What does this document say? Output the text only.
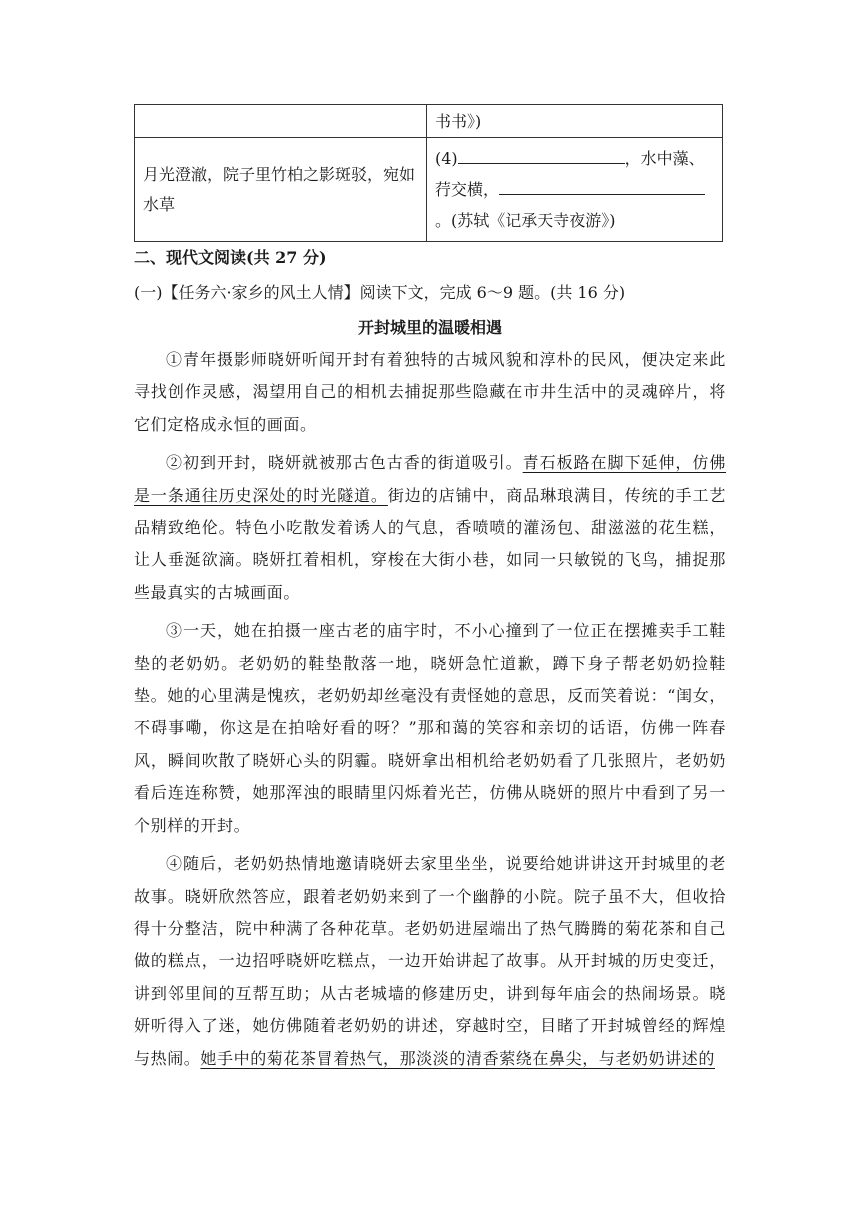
	书书》)
月光澄澈，院子里竹柏之影斑驳，宛如水草	(4) ，水中藻、荇交横，。(苏轼《记承天寺夜游》)
二、现代文阅读(共 27 分)
(一)【任务六·家乡的风土人情】阅读下文，完成 6～9 题。(共 16 分)
开封城里的温暖相遇

①青年摄影师晓妍听闻开封有着独特的古城风貌和淳朴的民风，便决定来此寻找创作灵感，渴望用自己的相机去捕捉那些隐藏在市井生活中的灵魂碎片，将它们定格成永恒的画面。

②初到开封，晓妍就被那古色古香的街道吸引。青石板路在脚下延伸，仿佛是一条通往历史深处的时光隧道。街边的店铺中，商品琳琅满目，传统的手工艺品精致绝伦。特色小吃散发着诱人的气息，香喷喷的灌汤包、甜滋滋的花生糕，让人垂涎欲滴。晓妍扛着相机，穿梭在大街小巷，如同一只敏锐的飞鸟，捕捉那些最真实的古城画面。

③一天，她在拍摄一座古老的庙宇时，不小心撞到了一位正在摆摊卖手工鞋垫的老奶奶。老奶奶的鞋垫散落一地，晓妍急忙道歉，蹲下身子帮老奶奶捡鞋垫。她的心里满是愧疚，老奶奶却丝毫没有责怪她的意思，反而笑着说：“闺女，不碍事嘞，你这是在拍啥好看的呀？”那和蔼的笑容和亲切的话语，仿佛一阵春风，瞬间吹散了晓妍心头的阴霾。晓妍拿出相机给老奶奶看了几张照片，老奶奶看后连连称赞，她那浑浊的眼睛里闪烁着光芒，仿佛从晓妍的照片中看到了另一个别样的开封。

④随后，老奶奶热情地邀请晓妍去家里坐坐，说要给她讲讲这开封城里的老故事。晓妍欣然答应，跟着老奶奶来到了一个幽静的小院。院子虽不大，但收拾得十分整洁，院中种满了各种花草。老奶奶进屋端出了热气腾腾的菊花茶和自己做的糕点，一边招呼晓妍吃糕点，一边开始讲起了故事。从开封城的历史变迁，讲到邻里间的互帮互助；从古老城墙的修建历史，讲到每年庙会的热闹场景。晓妍听得入了迷，她仿佛随着老奶奶的讲述，穿越时空，目睹了开封城曾经的辉煌与热闹。她手中的菊花茶冒着热气，那淡淡的清香萦绕在鼻尖，与老奶奶讲述的
